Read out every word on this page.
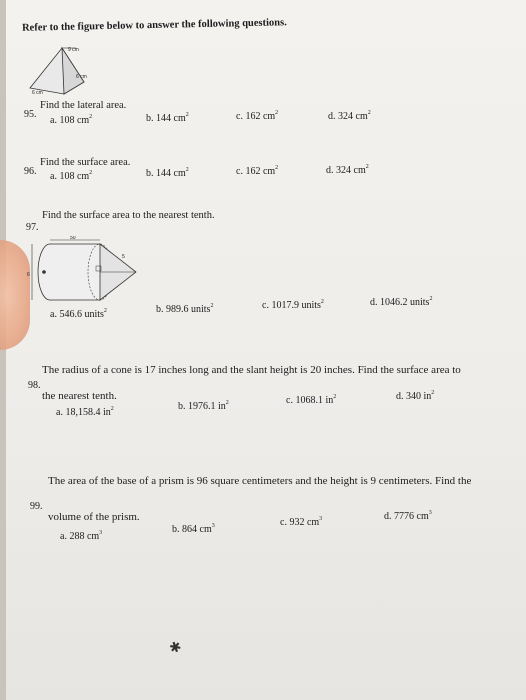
Refer to the figure below to answer the following questions.
9 cm
6 cm
6 cm
95.
Find the lateral area.
a. 108 $cm^2$	b. 144 $cm^2$	c. 162 $cm^2$	d. 324 $cm^2$
96.
Find the surface area.
a. 108 $cm^2$	b. 144 $cm^2$	c. 162 $cm^2$	d. 324 $cm^2$
97.
Find the surface area to the nearest tenth.
50
5
6
a. 546.6 units$^2$	b. 989.6 units$^2$	c. 1017.9 units$^2$	d. 1046.2 units$^2$
98.
The radius of a cone is 17 inches long and the slant height is 20 inches. Find the surface area to
the nearest tenth.
a. 18,158.4 $in^2$	b. 1976.1 $in^2$	c. 1068.1 $in^2$	d. 340 $in^2$
99.
The area of the base of a prism is 96 square centimeters and the height is 9 centimeters. Find the
volume of the prism.
a. 288 $cm^3$	b. 864 $cm^3$	c. 932 $cm^3$	d. 7776 $cm^3$
✱
